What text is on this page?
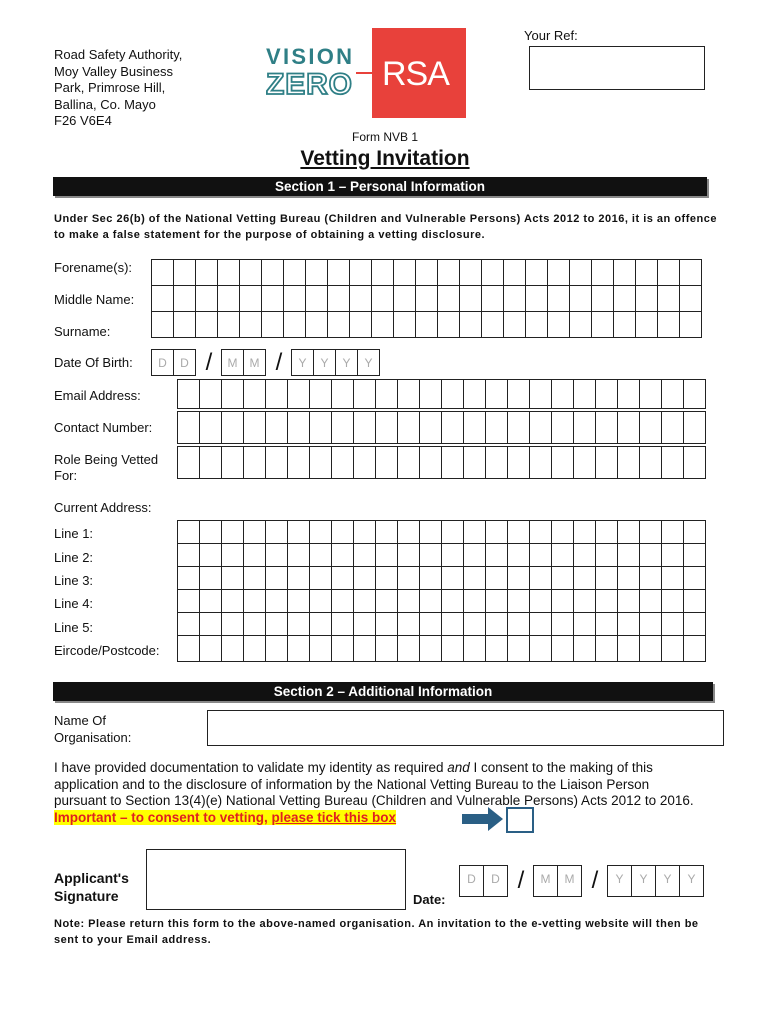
Road Safety Authority,
Moy Valley Business
Park, Primrose Hill,
Ballina, Co. Mayo
F26 V6E4
VISION
ZERO RSA
Your Ref:
Form NVB 1
Vetting Invitation
Section 1 – Personal Information
Under Sec 26(b) of the National Vetting Bureau (Children and Vulnerable Persons) Acts 2012 to 2016, it is an offence to make a false statement for the purpose of obtaining a vetting disclosure.
Forename(s):
Middle Name:
Surname:
Date Of Birth:	D	D /	M	M /	Y	Y	Y	Y
Email Address:
Contact Number:
Role Being Vetted
For:
Current Address:
Line 1:
Line 2:
Line 3:
Line 4:
Line 5:
Eircode/Postcode:
Section 2 – Additional Information
Name Of
Organisation:
I have provided documentation to validate my identity as required and I consent to the making of this application and to the disclosure of information by the National Vetting Bureau to the Liaison Person pursuant to Section 13(4)(e) National Vetting Bureau (Children and Vulnerable Persons) Acts 2012 to 2016. Important – to consent to vetting, please tick this box
Applicant's
Signature	Date:
D	D /	M	M /	Y	Y	Y	Y
Note: Please return this form to the above-named organisation. An invitation to the e-vetting website will then be sent to your Email address.
